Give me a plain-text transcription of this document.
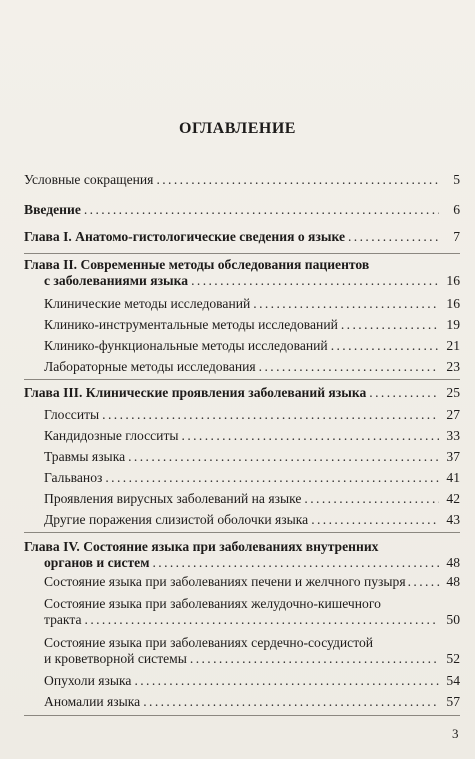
ОГЛАВЛЕНИЕ
Условные сокращения . . .	5
Введение . . .	6
Глава I. Анатомо-гистологические сведения о языке . . .	7
Глава II. Современные методы обследования пациентов
с заболеваниями языка . . .	16
Клинические методы исследований . . .	16
Клинико-инструментальные методы исследований . . .	19
Клинико-функциональные методы исследований . . .	21
Лабораторные методы исследования . . .	23
Глава III. Клинические проявления заболеваний языка . . .	25
Глосситы . . .	27
Кандидозные глосситы . . .	33
Травмы языка . . .	37
Гальваноз . . .	41
Проявления вирусных заболеваний на языке . . .	42
Другие поражения слизистой оболочки языка . . .	43
Глава IV. Состояние языка при заболеваниях внутренних
органов и систем . . .	48
Состояние языка при заболеваниях печени и желчного пузыря . . .	48
Состояние языка при заболеваниях желудочно-кишечного
тракта . . .	50
Состояние языка при заболеваниях сердечно-сосудистой
и кроветворной системы . . .	52
Опухоли языка . . .	54
Аномалии языка . . .	57
3
